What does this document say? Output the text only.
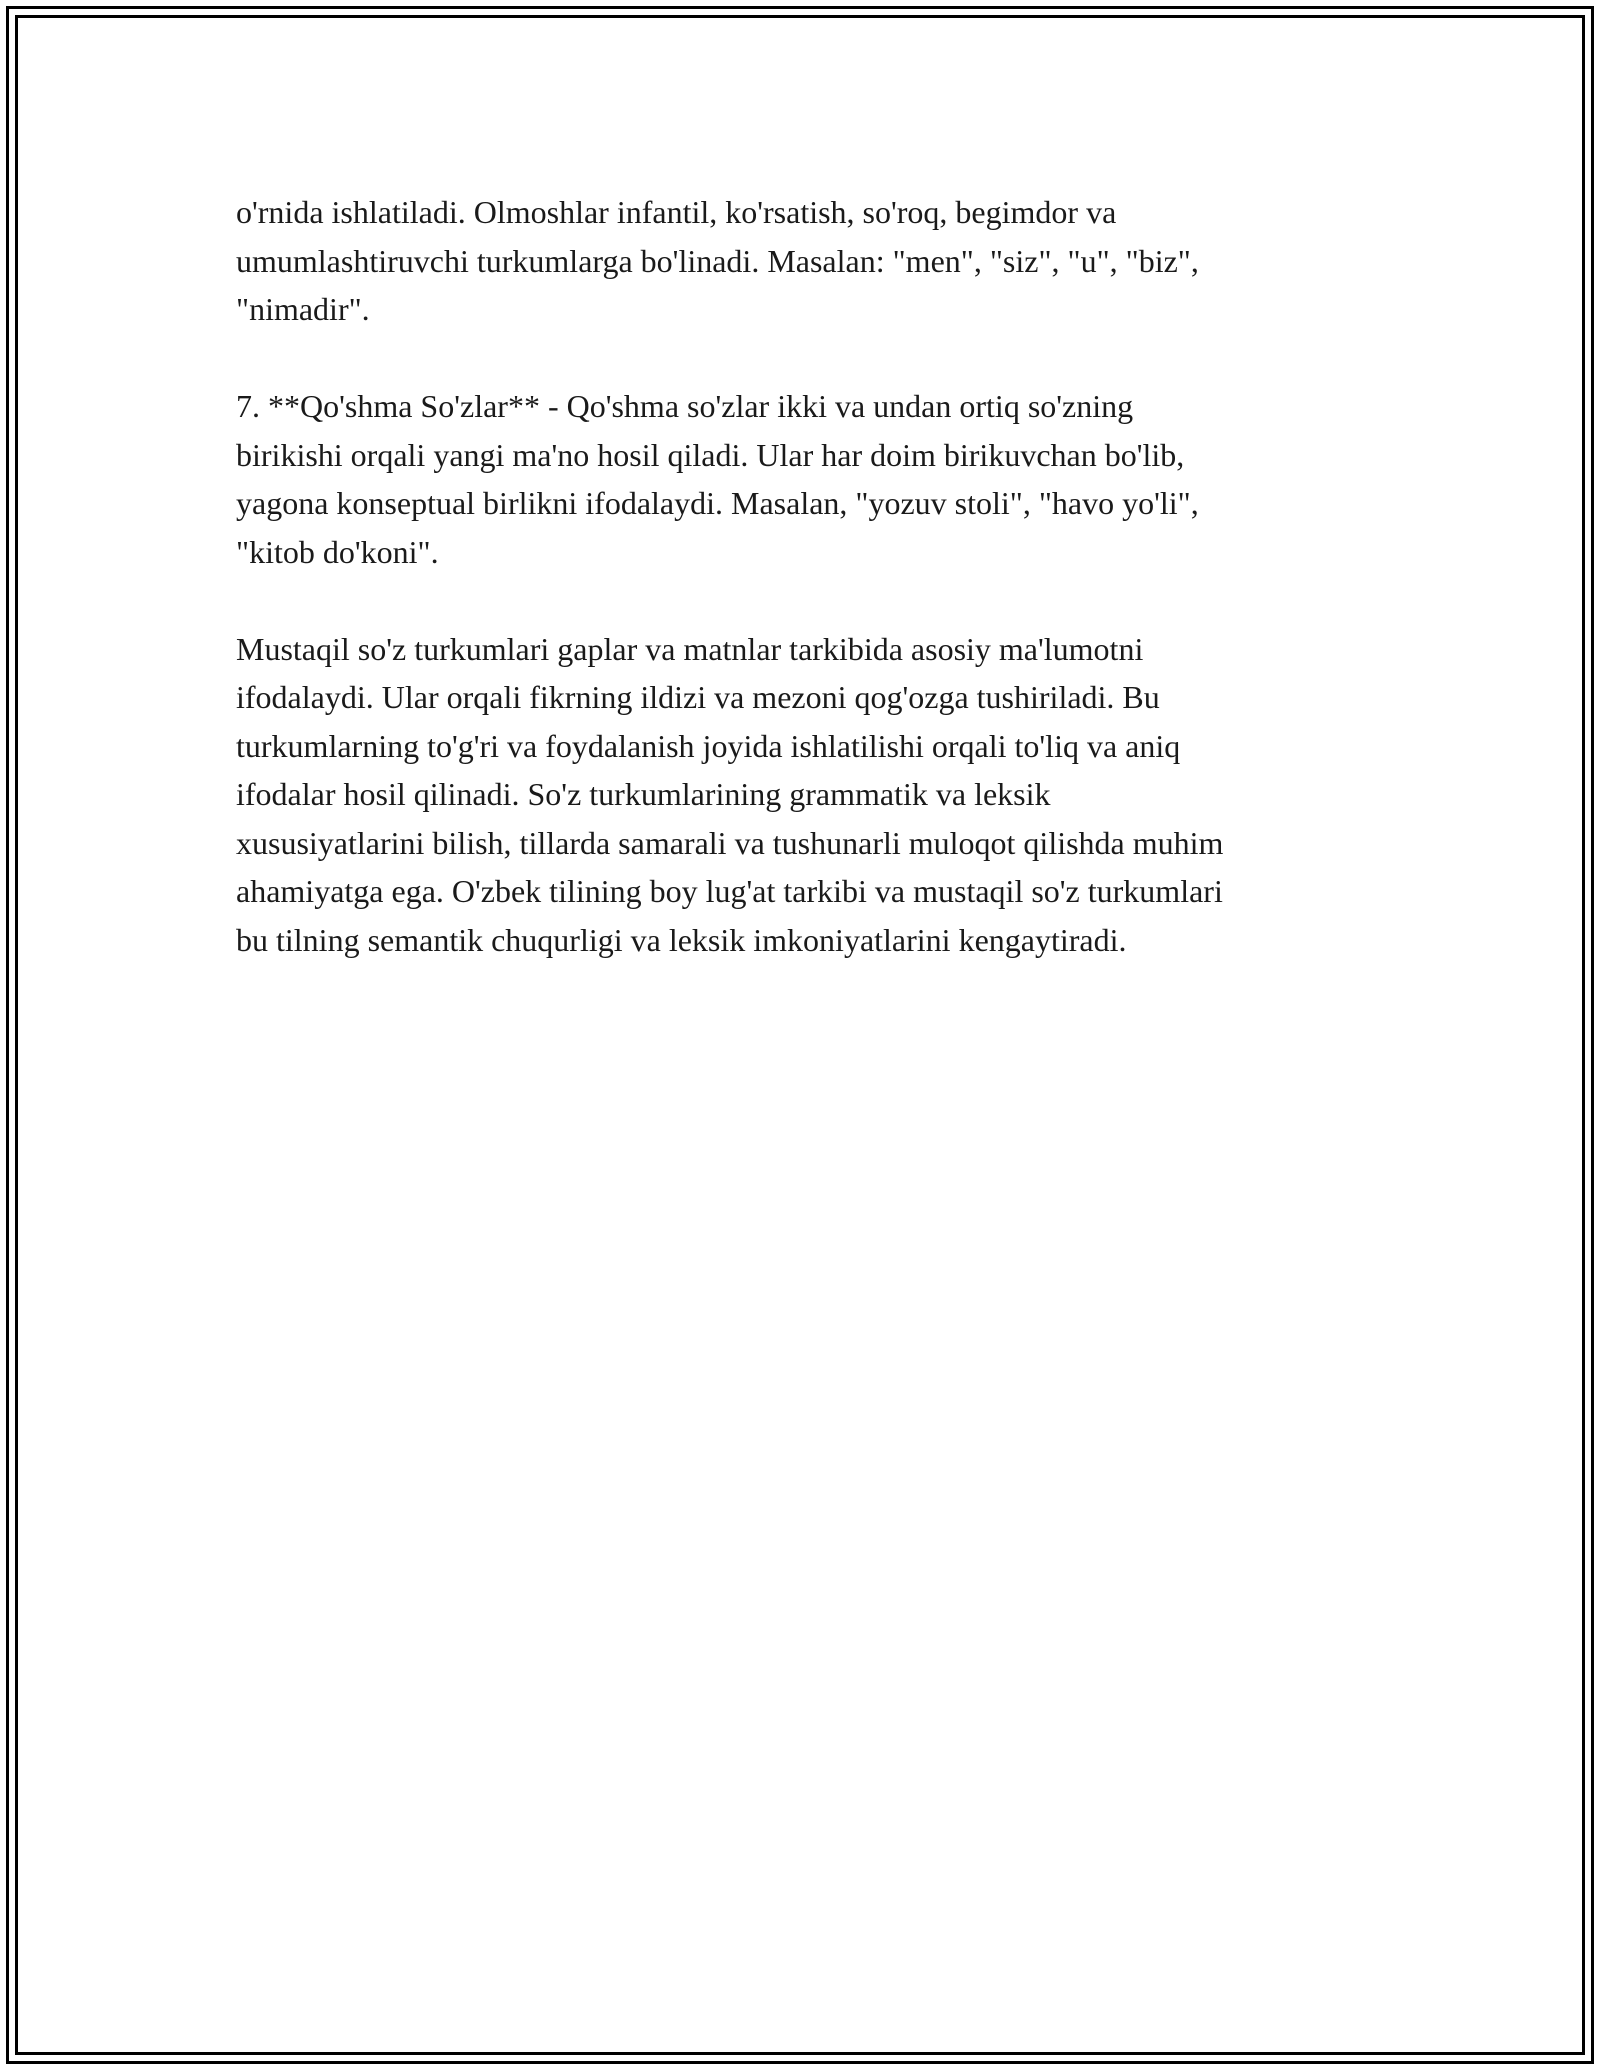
o'rnida ishlatiladi. Olmoshlar infantil, ko'rsatish, so'roq, begimdor va
umumlashtiruvchi turkumlarga bo'linadi. Masalan: "men", "siz", "u", "biz",
"nimadir".

7. **Qo'shma So'zlar** - Qo'shma so'zlar ikki va undan ortiq so'zning
birikishi orqali yangi ma'no hosil qiladi. Ular har doim birikuvchan bo'lib,
yagona konseptual birlikni ifodalaydi. Masalan, "yozuv stoli", "havo yo'li",
"kitob do'koni".

Mustaqil so'z turkumlari gaplar va matnlar tarkibida asosiy ma'lumotni
ifodalaydi. Ular orqali fikrning ildizi va mezoni qog'ozga tushiriladi. Bu
turkumlarning to'g'ri va foydalanish joyida ishlatilishi orqali to'liq va aniq
ifodalar hosil qilinadi. So'z turkumlarining grammatik va leksik
xususiyatlarini bilish, tillarda samarali va tushunarli muloqot qilishda muhim
ahamiyatga ega. O'zbek tilining boy lug'at tarkibi va mustaqil so'z turkumlari
bu tilning semantik chuqurligi va leksik imkoniyatlarini kengaytiradi.
